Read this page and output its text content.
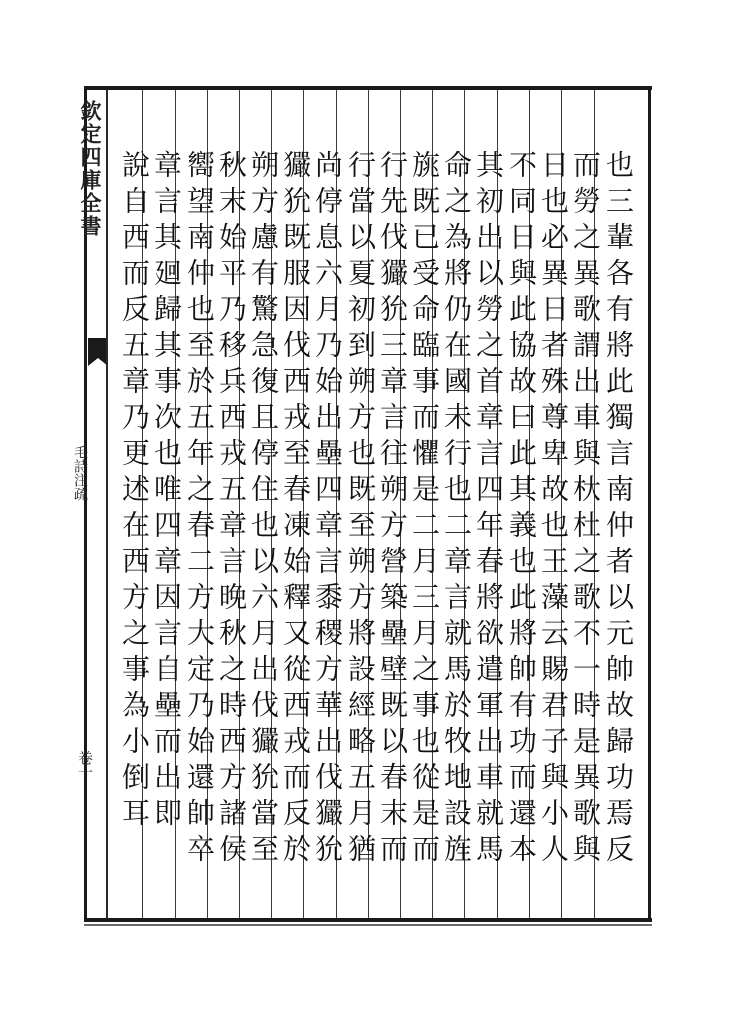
欽定四庫全書
毛詩注疏
卷十	也三輩各有將此獨言南仲者以元帥故歸功焉反
而勞之異歌謂出車與杕杜之歌不一時是異歌與
日也必異日者殊尊卑故也王藻云賜君子與小人
不同日與此協故曰此其義也此將帥有功而還本
其初出以勞之首章言四年春將欲遣軍出車就馬
命之為將仍在國未行也二章言就馬於牧地設旌
旐既已受命臨事而懼是二月三月之事也從是而
行先伐玁狁三章言往朔方營築壘壁既以春末而
行當以夏初到朔方也既至朔方將設經略五月猶
尚停息六月乃始出壘四章言黍稷方華出伐玁狁
玁狁既服因伐西戎至春凍始釋又從西戎而反於
朔方慮有驚急復且停住也以六月出伐玁狁當至
秋末始平乃移兵西戎五章言晚秋之時西方諸侯
嚮望南仲也至於五年之春二方大定乃始還帥卒
章言其廻歸其事次也唯四章因言自壘而出即
說自西而反五章乃更述在西方之事為小倒耳
